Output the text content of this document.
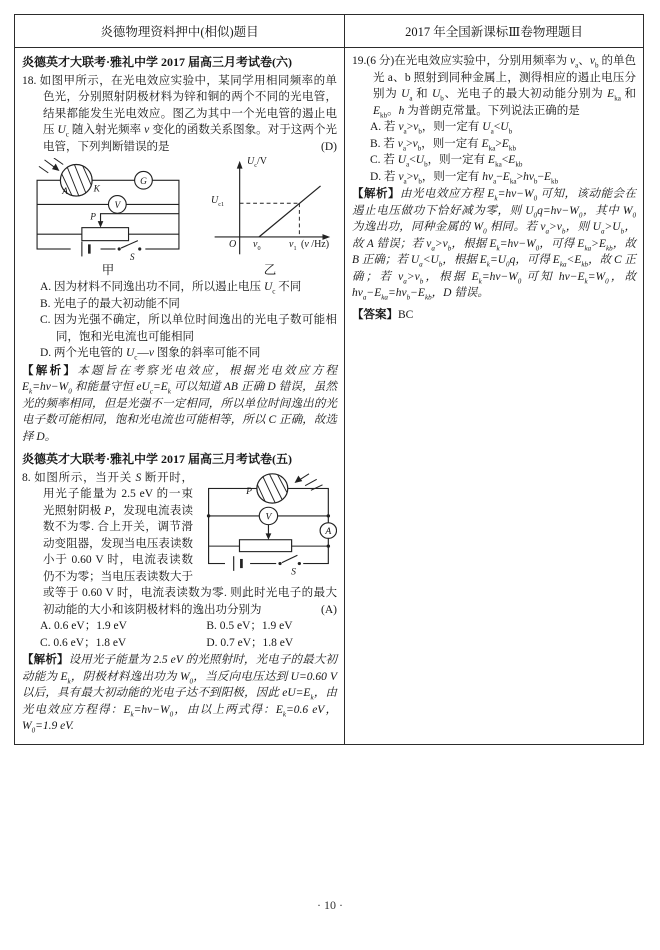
炎德物理资料押中(相似)题目	2017 年全国新课标Ⅲ卷物理题目
炎德英才大联考·雅礼中学 2017 届高三月考试卷(六)

18. 如图甲所示，在光电效应实验中，某同学用相同频率的单色光，分别照射阴极材料为锌和铜的两个不同的光电管，结果都能发生光电效应。图乙为其中一个光电管的遏止电压 $U_c$ 随入射光频率 ν 变化的函数关系图象。对于这两个光电管，下列判断错误的是	(D)

G
V
A	K
P
S
甲
$U_c/V$
$U_{c1}$
O $\nu_0$	$\nu_1$ (ν /Hz)
乙
A. 因为材料不同逸出功不同，所以遏止电压 $U_c$ 不同
B. 光电子的最大初动能不同
C. 因为光强不确定，所以单位时间逸出的光电子数可能相同，饱和光电流也可能相同
D. 两个光电管的 $U_c—\nu$ 图象的斜率可能不同

【解析】本题旨在考察光电效应，根据光电效应方程 $E_k=h\nu-W_0$ 和能量守恒 $eU_c=E_k$ 可以知道 AB 正确 D 错误，虽然光的频率相同，但是光强不一定相同，所以单位时间逸出的光电子数可能相同，饱和光电流也可能相等，所以 C 正确，故选择 D。

炎德英才大联考·雅礼中学 2017 届高三月考试卷(五)

V
A
P
S
8. 如图所示，当开关 S 断开时，用光子能量为 2.5 eV 的一束光照射阴极 P，发现电流表读数不为零. 合上开关，调节滑动变阻器，发现当电压表读数小于 0.60 V 时，电流表读数仍不为零；当电压表读数大于或等于 0.60 V 时，电流表读数为零. 则此时光电子的最大初动能的大小和该阴极材料的逸出功分别为	(A)

A. 0.6 eV；1.9 eV	B. 0.5 eV；1.9 eV
C. 0.6 eV；1.8 eV	D. 0.7 eV；1.8 eV

【解析】设用光子能量为 2.5 eV 的光照射时，光电子的最大初动能为 $E_k$，阴极材料逸出功为 $W_0$，当反向电压达到 U=0.60 V 以后，具有最大初动能的光电子达不到阳极，因此 $eU=E_k$，由光电效应方程得：$E_k=h\nu-W_0$，由以上两式得：$E_k=0.6$ eV，$W_0=1.9$ eV.

19.(6 分)在光电效应实验中，分别用频率为 $\nu_a$、$\nu_b$ 的单色光 a、b 照射到同种金属上，测得相应的遏止电压分别为 $U_a$ 和 $U_b$、光电子的最大初动能分别为 $E_{ka}$ 和 $E_{kb}$。h 为普朗克常量。下列说法正确的是

A. 若 $\nu_a>\nu_b$，则一定有 $U_a<U_b$
B. 若 $\nu_a>\nu_b$，则一定有 $E_{ka}>E_{kb}$
C. 若 $U_a<U_b$，则一定有 $E_{ka}<E_{kb}$
D. 若 $\nu_a>\nu_b$，则一定有 $h\nu_a-E_{ka}>h\nu_b-E_{kb}$

【解析】由光电效应方程 $E_k=h\nu-W_0$ 可知，该动能会在遏止电压做功下恰好减为零，则 $U_0q=h\nu-W_0$，其中 $W_0$ 为逸出功，同种金属的 $W_0$ 相同。若 $\nu_a>\nu_b$，则 $U_a>U_b$，故 A 错误；若 $\nu_a>\nu_b$，根据 $E_k=h\nu-W_0$，可得 $E_{ka}>E_{kb}$，故 B 正确；若 $U_a<U_b$，根据 $E_k=U_0q$，可得 $E_{ka}<E_{kb}$，故 C 正确；若 $\nu_a>\nu_b$，根据 $E_k=h\nu-W_0$ 可知 $h\nu-E_k=W_0$，故 $h\nu_a-E_{ka}=h\nu_b-E_{kb}$，D 错误。

【答案】BC

· 10 ·
